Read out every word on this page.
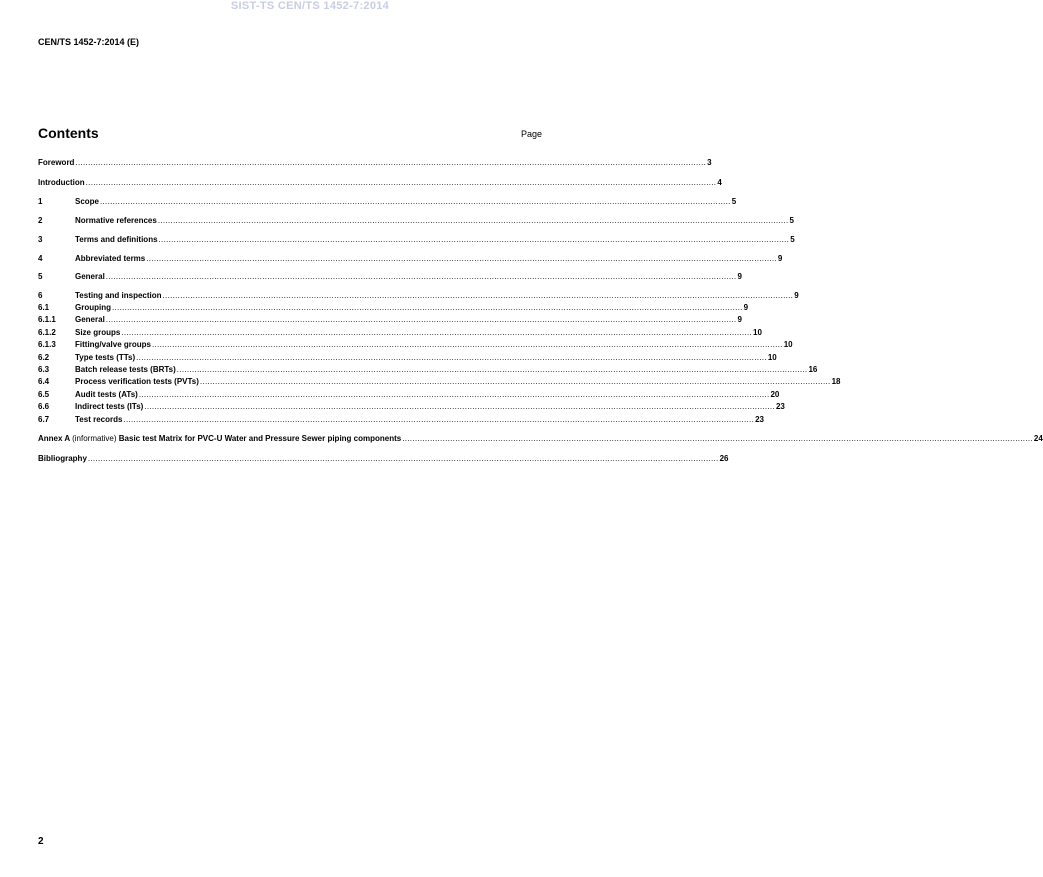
SIST-TS CEN/TS 1452-7:2014
CEN/TS 1452-7:2014 (E)
Contents	Page
Foreword .......................................................................................................................................................................................................................................................... 3
Introduction .......................................................................................................................................................................................................................................................... 4
1	Scope .......................................................................................................................................................................................................................................................... 5
2	Normative references .......................................................................................................................................................................................................................................................... 5
3	Terms and definitions .......................................................................................................................................................................................................................................................... 5
4	Abbreviated terms .......................................................................................................................................................................................................................................................... 9
5	General .......................................................................................................................................................................................................................................................... 9
6	Testing and inspection .......................................................................................................................................................................................................................................................... 9
6.1	Grouping .......................................................................................................................................................................................................................................................... 9
6.1.1	General .......................................................................................................................................................................................................................................................... 9
6.1.2	Size groups .......................................................................................................................................................................................................................................................... 10
6.1.3	Fitting/valve groups .......................................................................................................................................................................................................................................................... 10
6.2	Type tests (TTs) .......................................................................................................................................................................................................................................................... 10
6.3	Batch release tests (BRTs) .......................................................................................................................................................................................................................................................... 16
6.4	Process verification tests (PVTs) .......................................................................................................................................................................................................................................................... 18
6.5	Audit tests (ATs) .......................................................................................................................................................................................................................................................... 20
6.6	Indirect tests (ITs) .......................................................................................................................................................................................................................................................... 23
6.7	Test records .......................................................................................................................................................................................................................................................... 23
Annex A (informative) Basic test Matrix for PVC-U Water and Pressure Sewer piping components .......................................................................................................................................................................................................................................................... 24
Bibliography .......................................................................................................................................................................................................................................................... 26
2
